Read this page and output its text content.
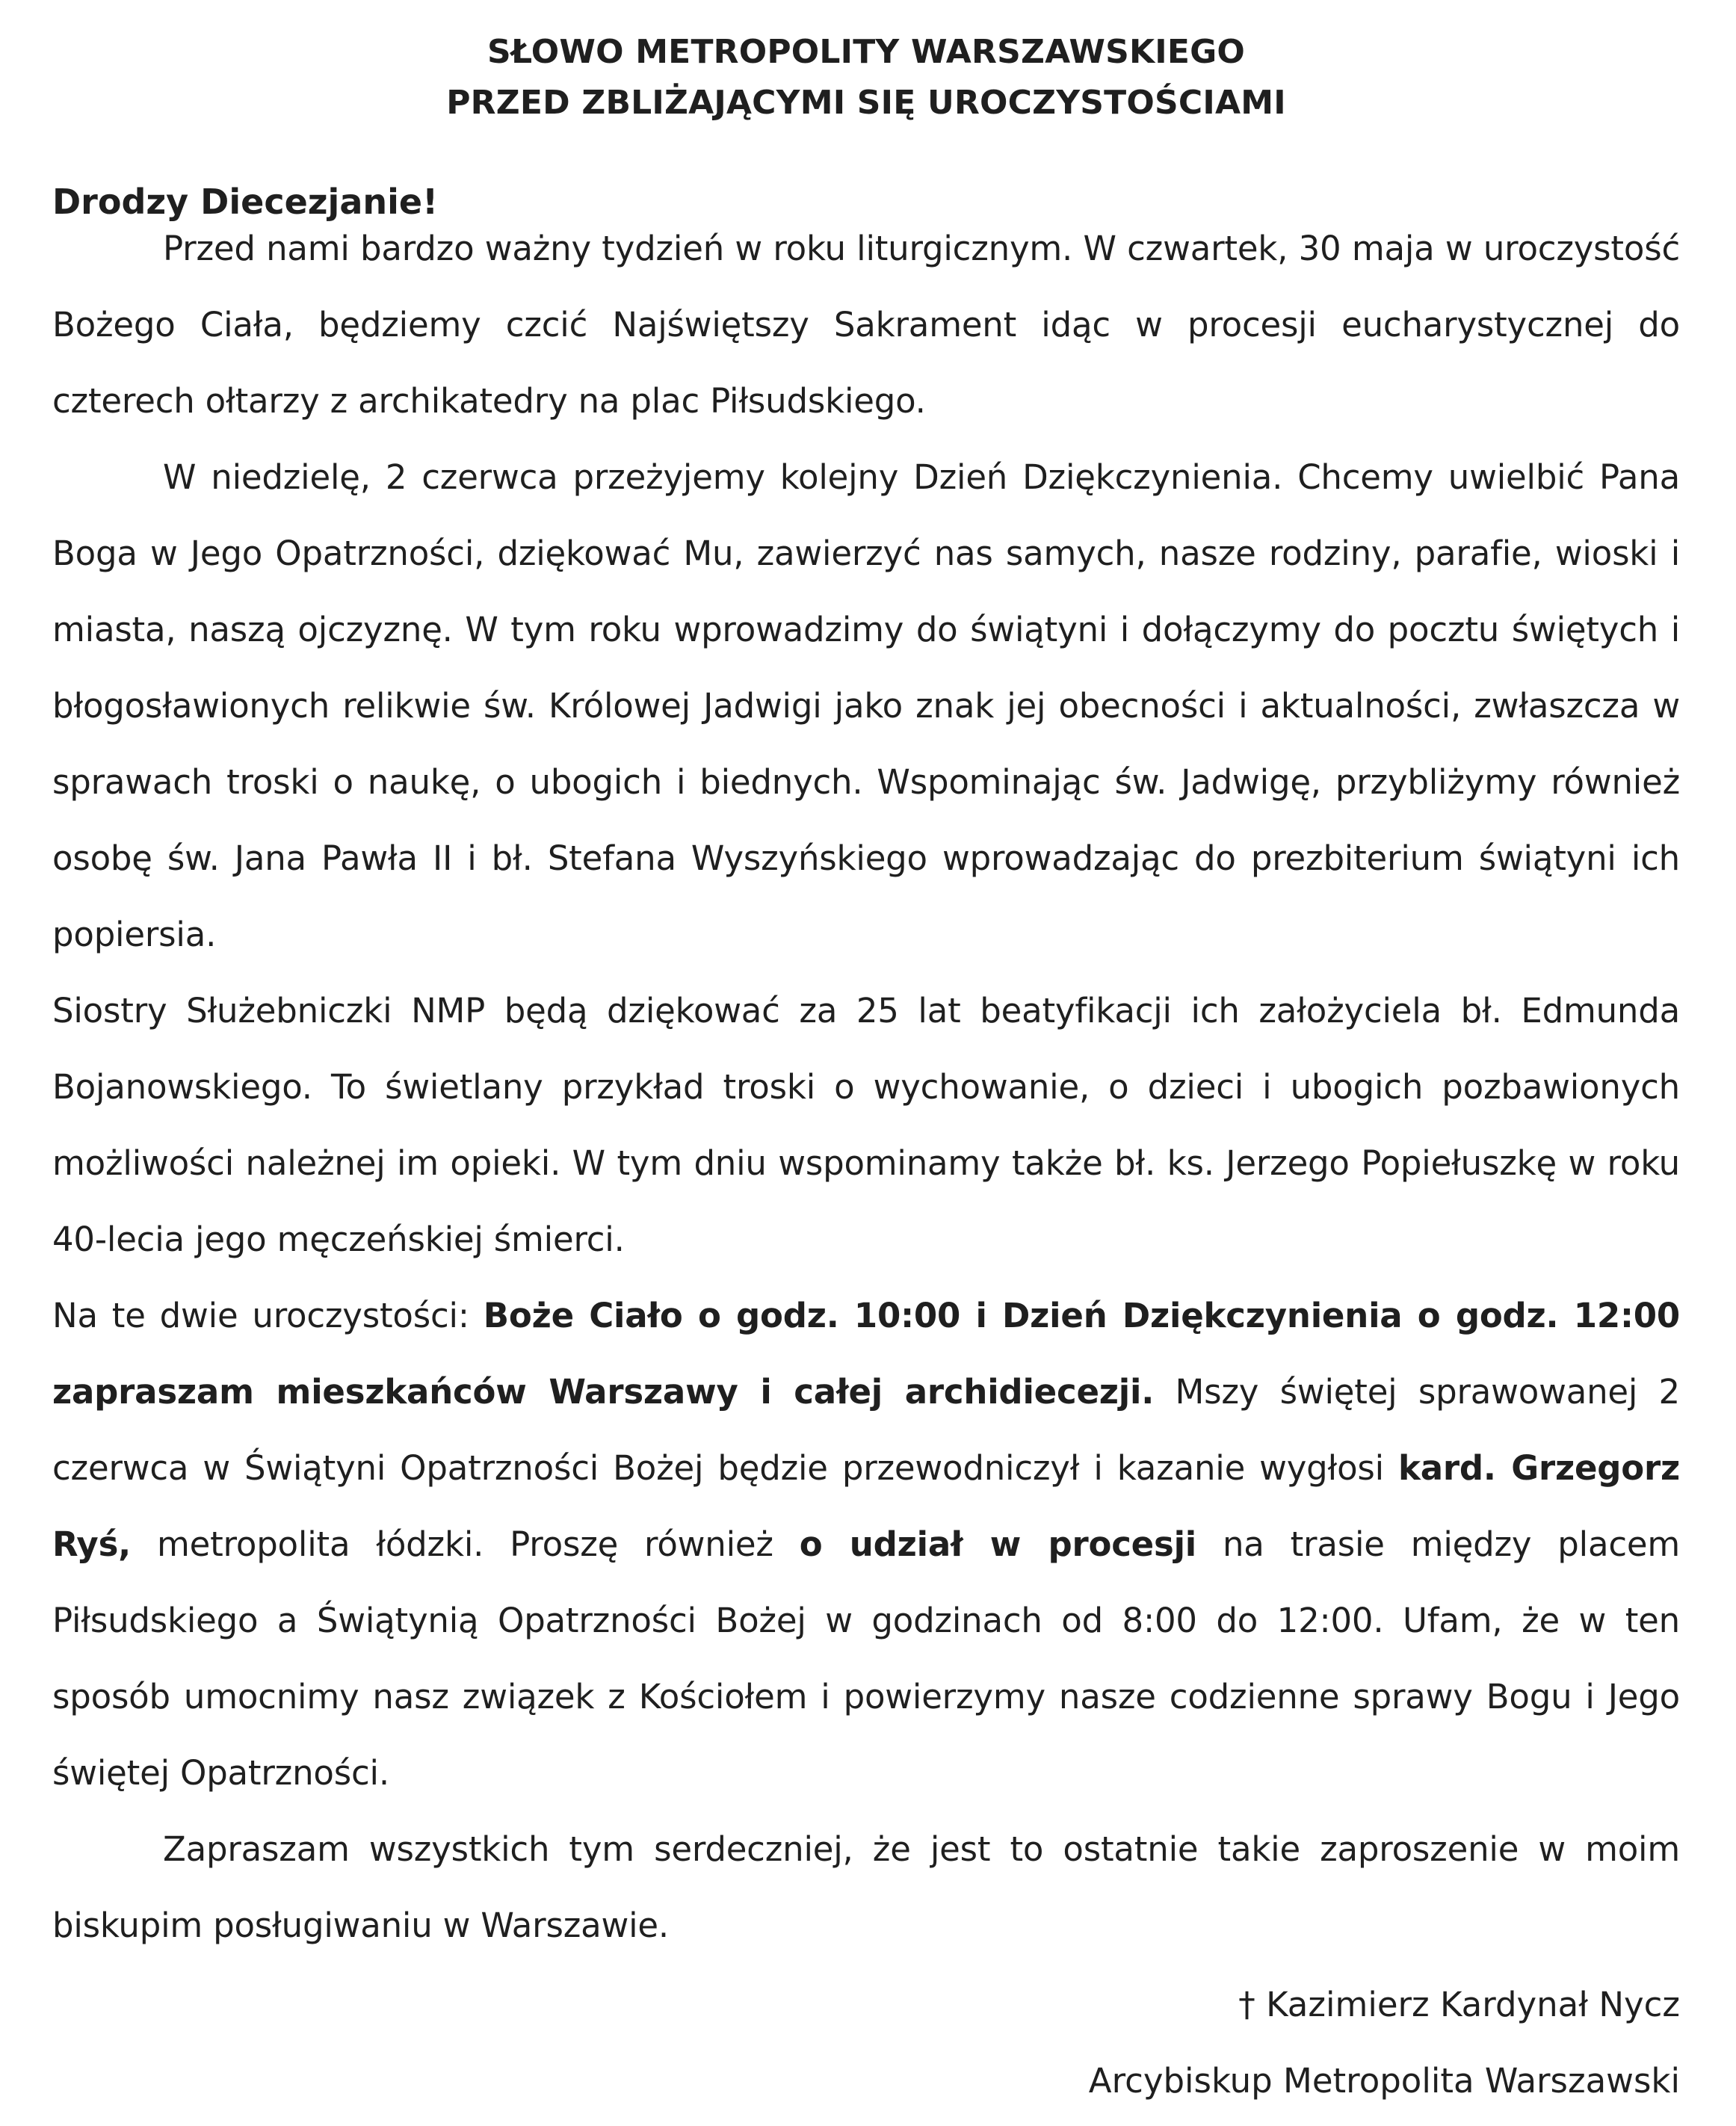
SŁOWO METROPOLITY WARSZAWSKIEGO

PRZED ZBLIŻAJĄCYMI SIĘ UROCZYSTOŚCIAMI

Drodzy Diecezjanie!

Przed nami bardzo ważny tydzień w roku liturgicznym. W czwartek, 30 maja w uroczystość Bożego Ciała, będziemy czcić Najświętszy Sakrament idąc w procesji eucharystycznej do czterech ołtarzy z archikatedry na plac Piłsudskiego.

W niedzielę, 2 czerwca przeżyjemy kolejny Dzień Dziękczynienia. Chcemy uwielbić Pana Boga w Jego Opatrzności, dziękować Mu, zawierzyć nas samych, nasze rodziny, parafie, wioski i miasta, naszą ojczyznę. W tym roku wprowadzimy do świątyni i dołączymy do pocztu świętych i błogosławionych relikwie św. Królowej Jadwigi jako znak jej obecności i aktualności, zwłaszcza w sprawach troski o naukę, o ubogich i biednych. Wspominając św. Jadwigę, przybliżymy również osobę św. Jana Pawła II i bł. Stefana Wyszyńskiego wprowadzając do prezbiterium świątyni ich popiersia.

Siostry Służebniczki NMP będą dziękować za 25 lat beatyfikacji ich założyciela bł. Edmunda Bojanowskiego. To świetlany przykład troski o wychowanie, o dzieci i ubogich pozbawionych możliwości należnej im opieki. W tym dniu wspominamy także bł. ks. Jerzego Popiełuszkę w roku 40-lecia jego męczeńskiej śmierci.

Na te dwie uroczystości: Boże Ciało o godz. 10:00 i Dzień Dziękczynienia o godz. 12:00 zapraszam mieszkańców Warszawy i całej archidiecezji. Mszy świętej sprawowanej 2 czerwca w Świątyni Opatrzności Bożej będzie przewodniczył i kazanie wygłosi kard. Grzegorz Ryś, metropolita łódzki. Proszę również o udział w procesji na trasie między placem Piłsudskiego a Świątynią Opatrzności Bożej w godzinach od 8:00 do 12:00. Ufam, że w ten sposób umocnimy nasz związek z Kościołem i powierzymy nasze codzienne sprawy Bogu i Jego świętej Opatrzności.

Zapraszam wszystkich tym serdeczniej, że jest to ostatnie takie zaproszenie w moim biskupim posługiwaniu w Warszawie.

† Kazimierz Kardynał Nycz

Arcybiskup Metropolita Warszawski
